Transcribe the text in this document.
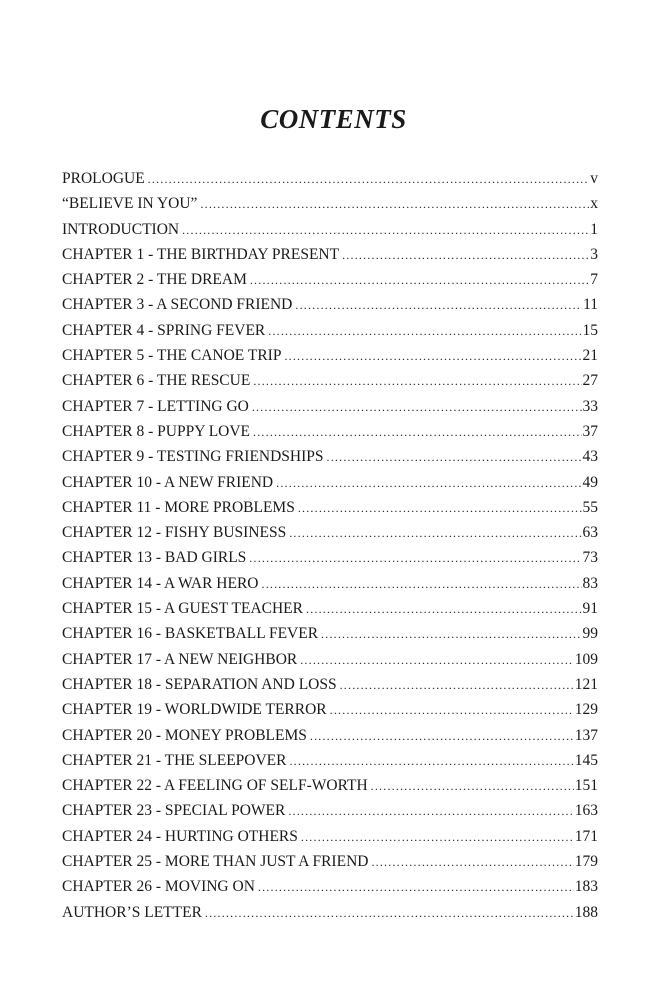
CONTENTS
PROLOGUE .....	v
“BELIEVE IN YOU” .....	x
INTRODUCTION .....	1
CHAPTER 1 - THE BIRTHDAY PRESENT .....	3
CHAPTER 2 - THE DREAM .....	7
CHAPTER 3 - A SECOND FRIEND .....	11
CHAPTER 4 - SPRING FEVER .....	15
CHAPTER 5 - THE CANOE TRIP .....	21
CHAPTER 6 - THE RESCUE .....	27
CHAPTER 7 - LETTING GO .....	33
CHAPTER 8 - PUPPY LOVE .....	37
CHAPTER 9 - TESTING FRIENDSHIPS .....	43
CHAPTER 10 - A NEW FRIEND .....	49
CHAPTER 11 - MORE PROBLEMS .....	55
CHAPTER 12 - FISHY BUSINESS .....	63
CHAPTER 13 - BAD GIRLS .....	73
CHAPTER 14 - A WAR HERO .....	83
CHAPTER 15 - A GUEST TEACHER .....	91
CHAPTER 16 - BASKETBALL FEVER .....	99
CHAPTER 17 - A NEW NEIGHBOR .....	109
CHAPTER 18 - SEPARATION AND LOSS .....	121
CHAPTER 19 - WORLDWIDE TERROR .....	129
CHAPTER 20 - MONEY PROBLEMS .....	137
CHAPTER 21 - THE SLEEPOVER .....	145
CHAPTER 22 - A FEELING OF SELF-WORTH .....	151
CHAPTER 23 - SPECIAL POWER .....	163
CHAPTER 24 - HURTING OTHERS .....	171
CHAPTER 25 - MORE THAN JUST A FRIEND .....	179
CHAPTER 26 - MOVING ON .....	183
AUTHOR’S LETTER .....	188
